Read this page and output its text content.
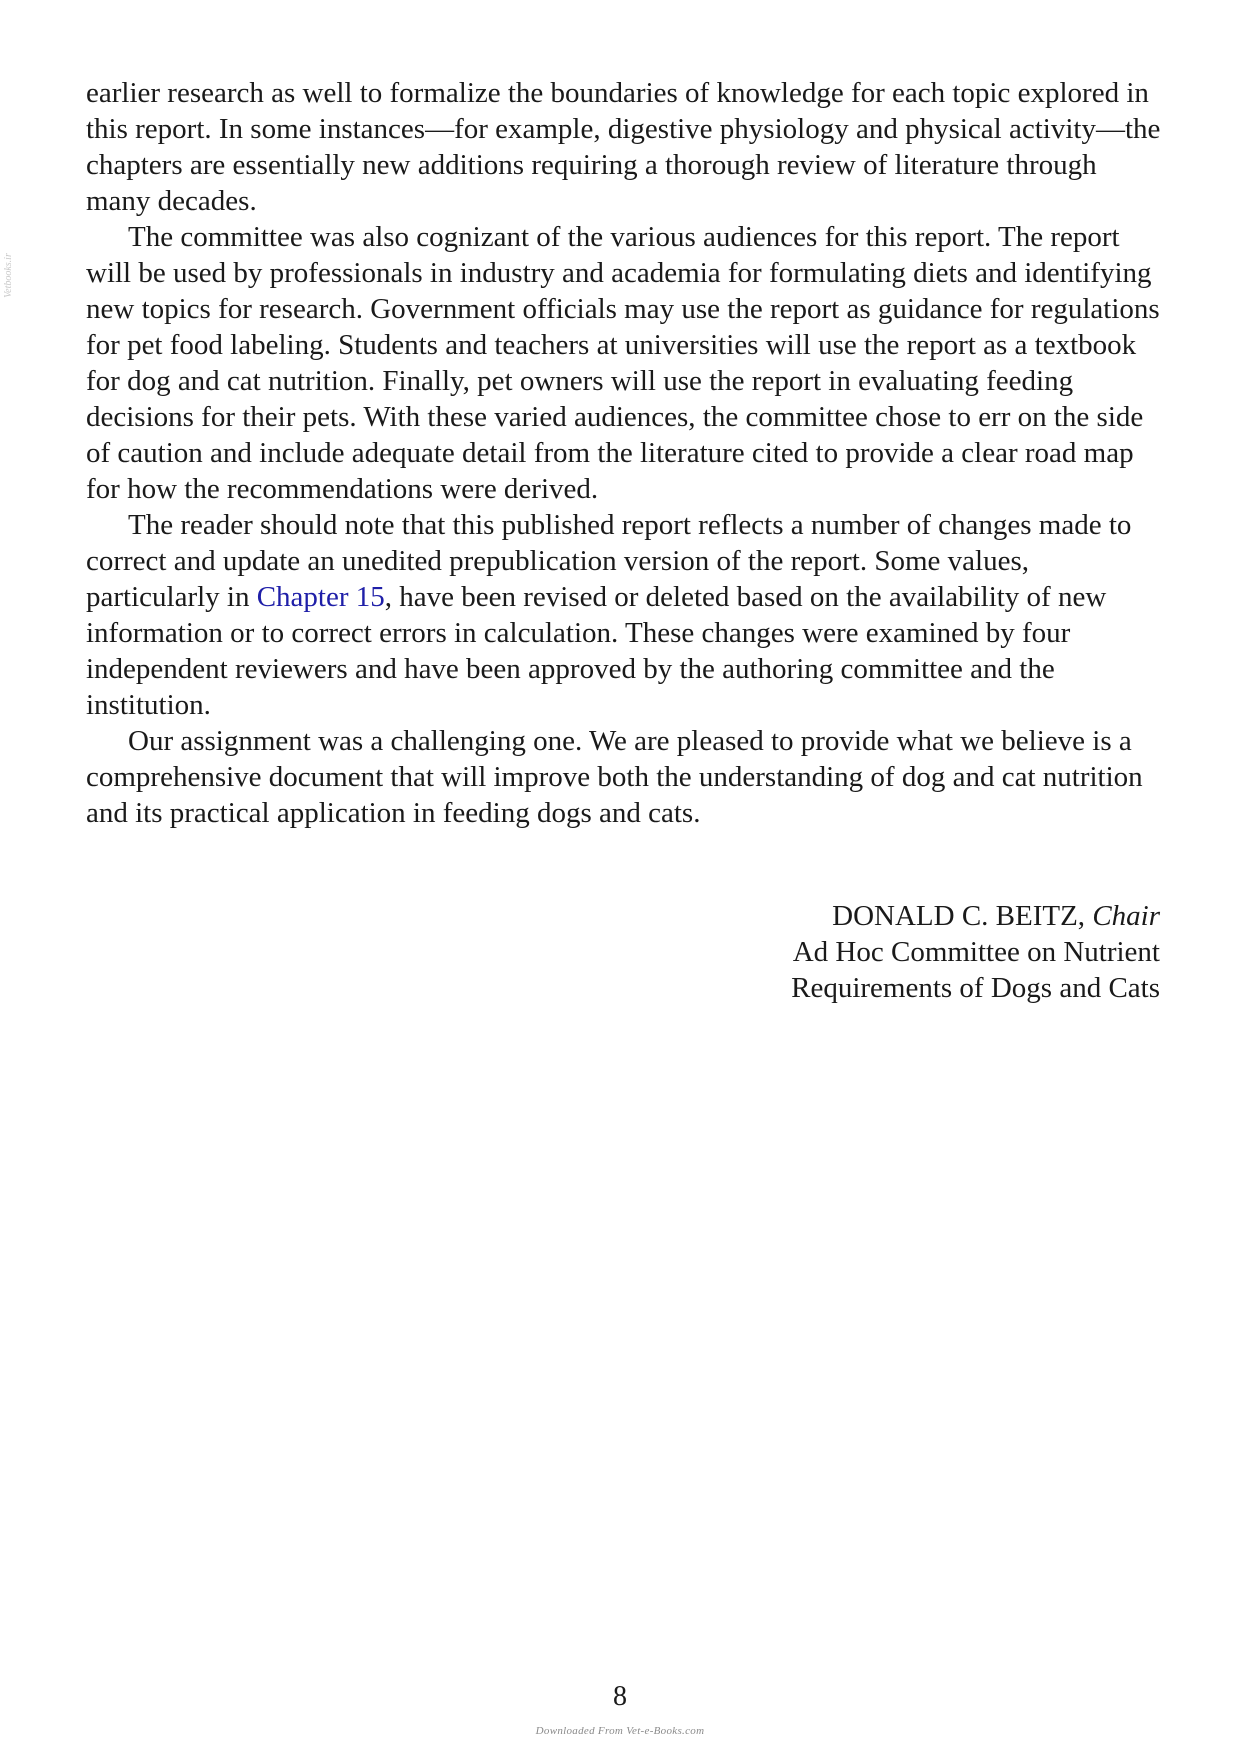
Vetbooks.ir

earlier research as well to formalize the boundaries of knowledge for each topic explored in this report. In some instances—for example, digestive physiology and physical activity—the chapters are essentially new additions requiring a thorough review of literature through many decades.

The committee was also cognizant of the various audiences for this report. The report will be used by professionals in industry and academia for formulating diets and identifying new topics for research. Government officials may use the report as guidance for regulations for pet food labeling. Students and teachers at universities will use the report as a textbook for dog and cat nutrition. Finally, pet owners will use the report in evaluating feeding decisions for their pets. With these varied audiences, the committee chose to err on the side of caution and include adequate detail from the literature cited to provide a clear road map for how the recommendations were derived.

The reader should note that this published report reflects a number of changes made to correct and update an unedited prepublication version of the report. Some values, particularly in Chapter 15, have been revised or deleted based on the availability of new information or to correct errors in calculation. These changes were examined by four independent reviewers and have been approved by the authoring committee and the institution.

Our assignment was a challenging one. We are pleased to provide what we believe is a comprehensive document that will improve both the understanding of dog and cat nutrition and its practical application in feeding dogs and cats.

DONALD C. BEITZ, Chair
Ad Hoc Committee on Nutrient
Requirements of Dogs and Cats
8
Downloaded From Vet-e-Books.com
